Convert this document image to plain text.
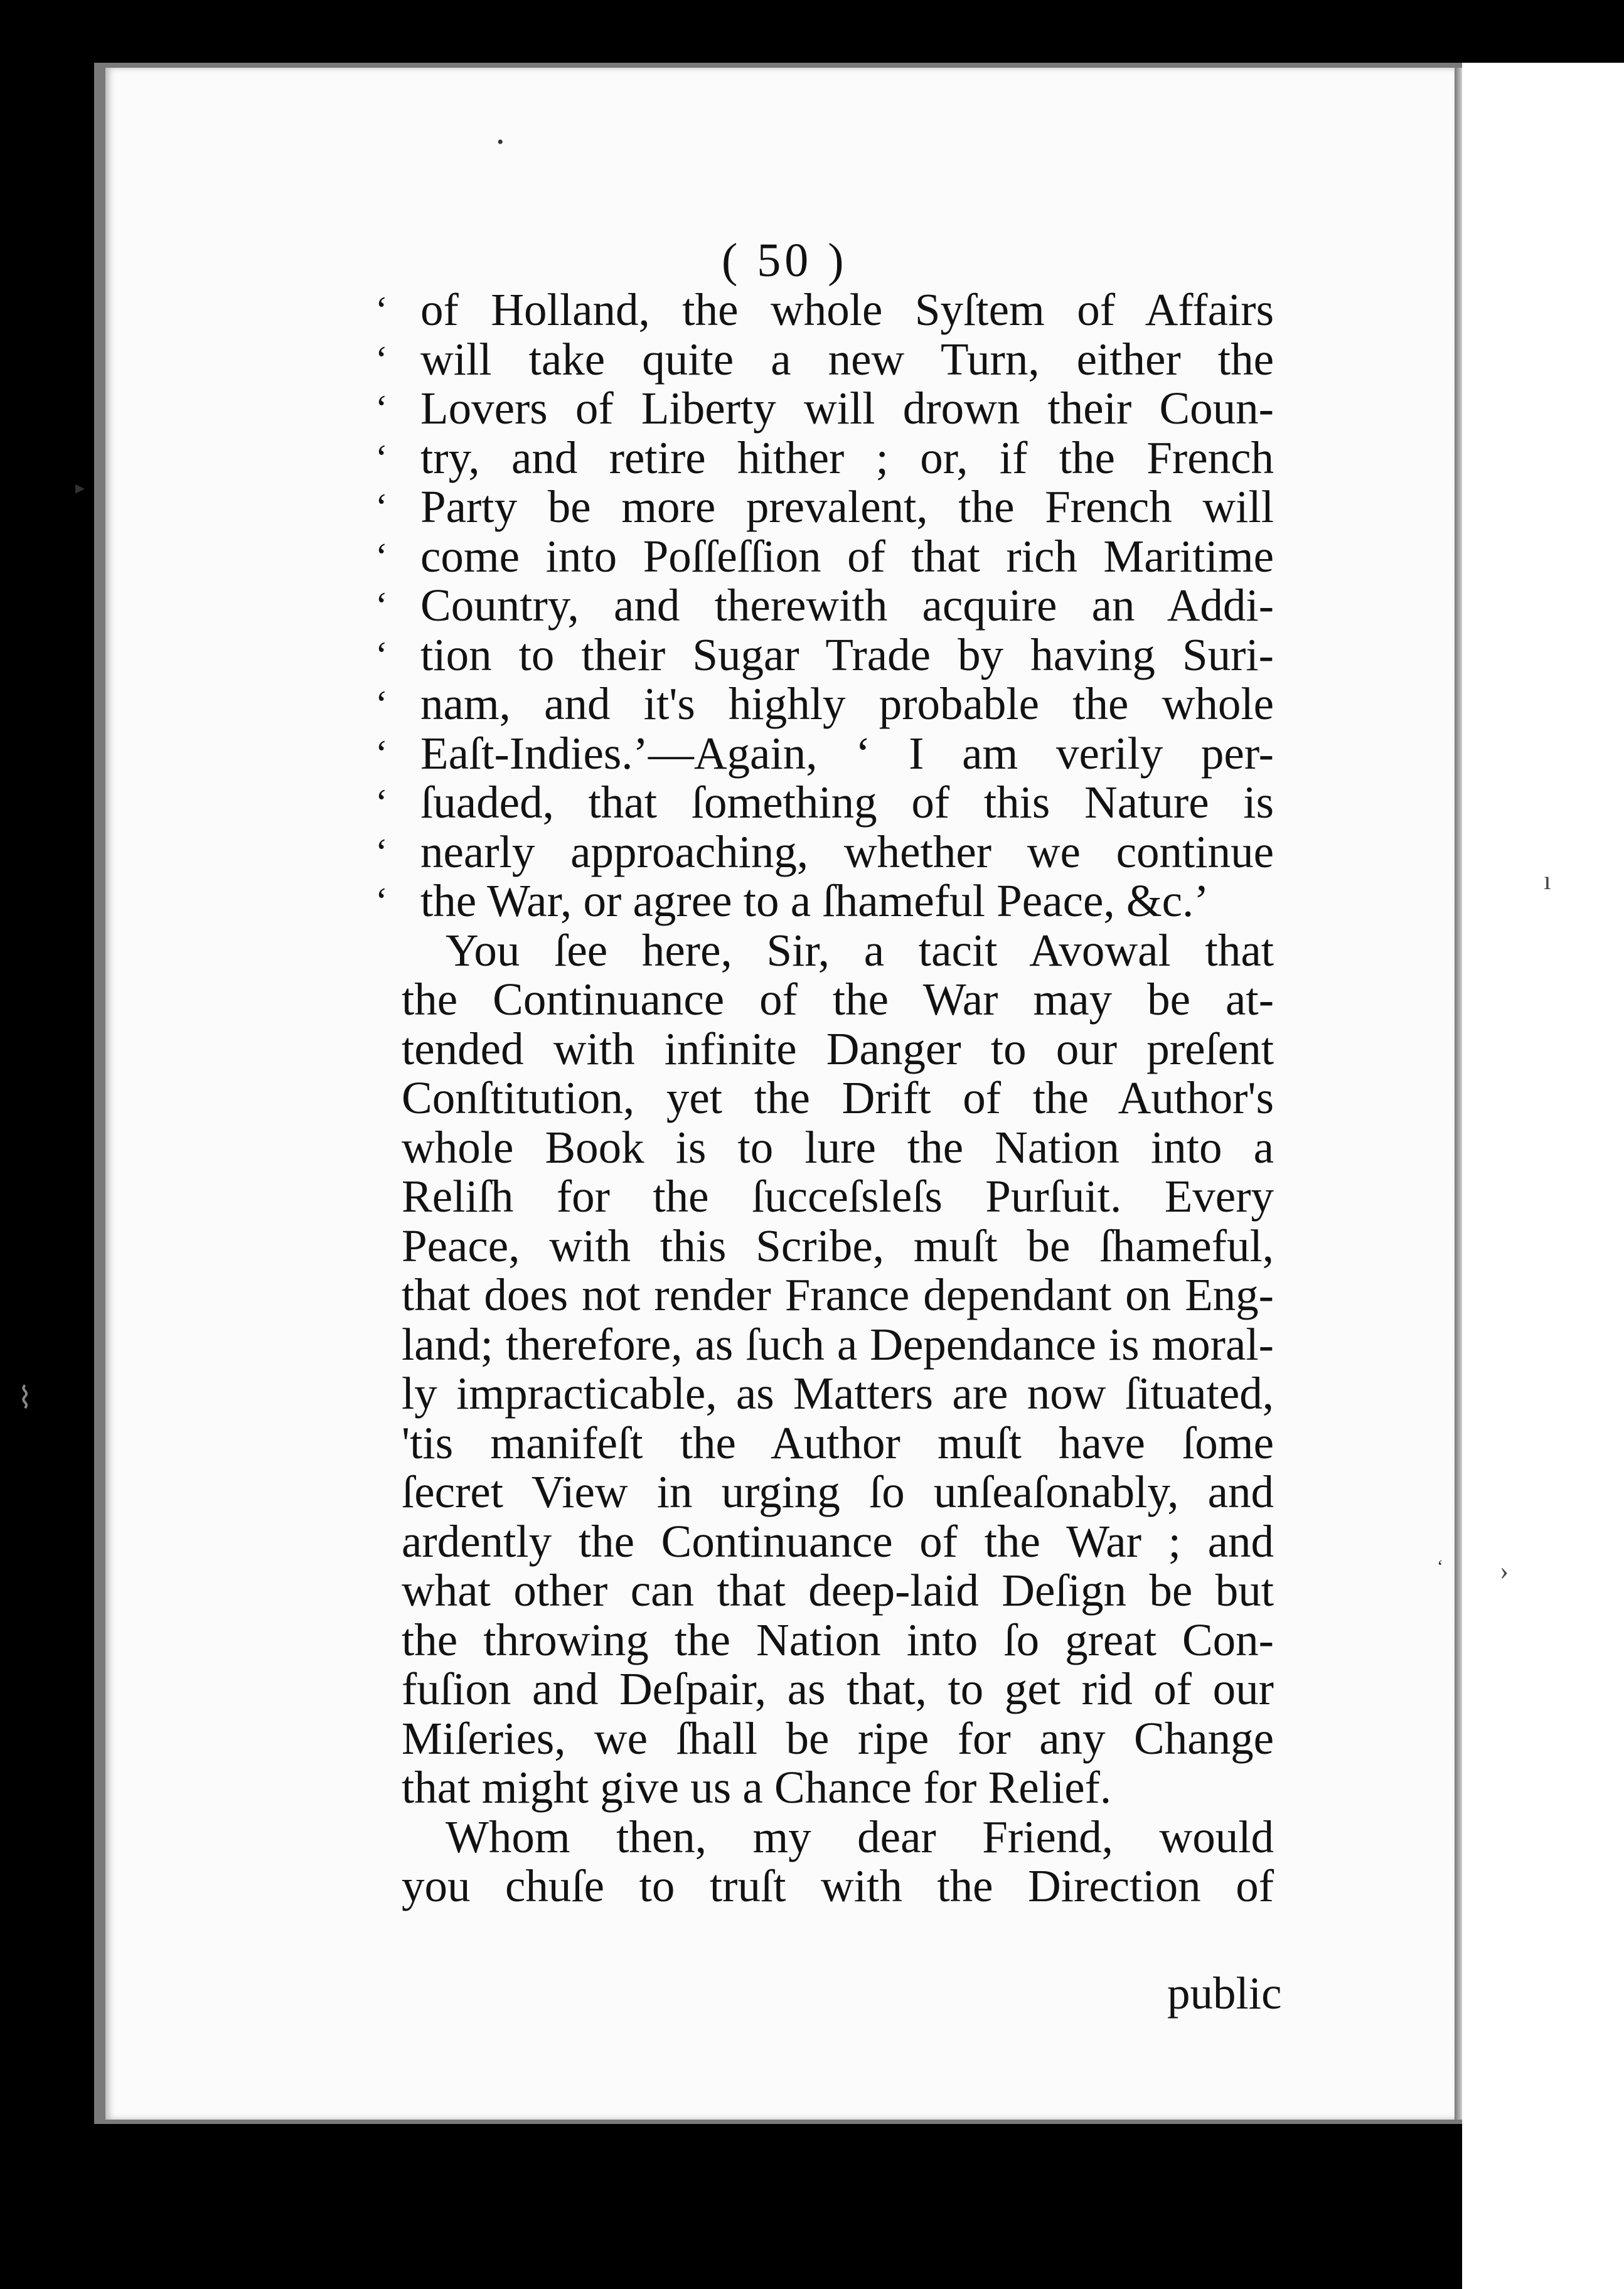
ı
›
•
▸
⌇
ʻ
( 50 )
‘ of Holland, the whole Syſtem of Affairs
‘ will take quite a new Turn, either the
‘ Lovers of Liberty will drown their Coun-
‘ try, and retire hither ; or, if the French
‘ Party be more prevalent, the French will
‘ come into Poſſeſſion of that rich Maritime
‘ Country, and therewith acquire an Addi-
‘ tion to their Sugar Trade by having Suri-
‘ nam, and it's highly probable the whole
‘ Eaſt-Indies.’—Again, ‘ I am verily per-
‘ ſuaded, that ſomething of this Nature is
‘ nearly approaching, whether we continue
‘ the War, or agree to a ſhameful Peace, &c.’
You ſee here, Sir, a tacit Avowal that
the Continuance of the War may be at-
tended with infinite Danger to our preſent
Conſtitution, yet the Drift of the Author's
whole Book is to lure the Nation into a
Reliſh for the ſucceſsleſs Purſuit. Every
Peace, with this Scribe, muſt be ſhameful,
that does not render France dependant on Eng-
land; therefore, as ſuch a Dependance is moral-
ly impracticable, as Matters are now ſituated,
'tis manifeſt the Author muſt have ſome
ſecret View in urging ſo unſeaſonably, and
ardently the Continuance of the War ; and
what other can that deep-laid Deſign be but
the throwing the Nation into ſo great Con-
fuſion and Deſpair, as that, to get rid of our
Miſeries, we ſhall be ripe for any Change
that might give us a Chance for Relief.
Whom then, my dear Friend, would
you chuſe to truſt with the Direction of
public
